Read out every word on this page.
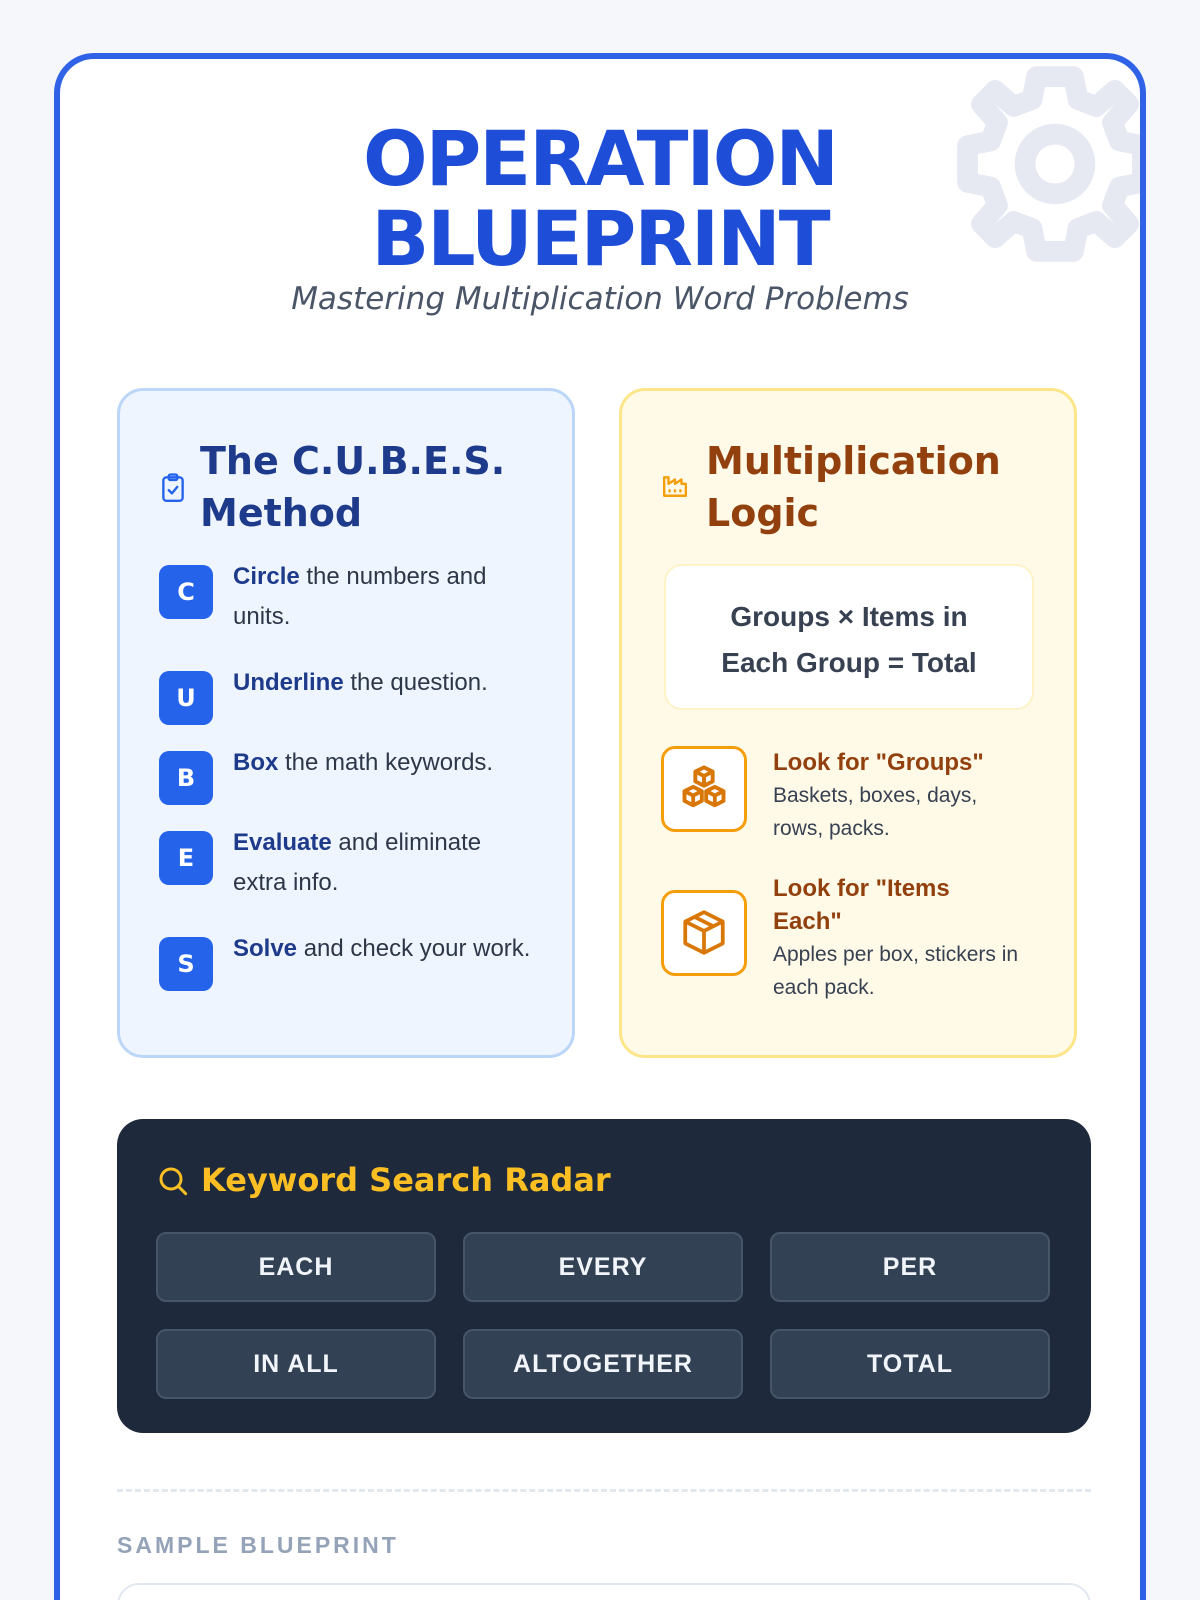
OPERATION
BLUEPRINT
Mastering Multiplication Word Problems
The C.U.B.E.S.
Method
C
Circle the numbers and units.
U
Underline the question.
B
Box the math keywords.
E
Evaluate and eliminate extra info.
S
Solve and check your work.
Multiplication
Logic
Groups × Items in
Each Group = Total
Look for "Groups"
Baskets, boxes, days, rows, packs.
Look for "Items Each"
Apples per box, stickers in each pack.
Keyword Search Radar
EACH	EVERY	PER
IN ALL	ALTOGETHER	TOTAL
SAMPLE BLUEPRINT
